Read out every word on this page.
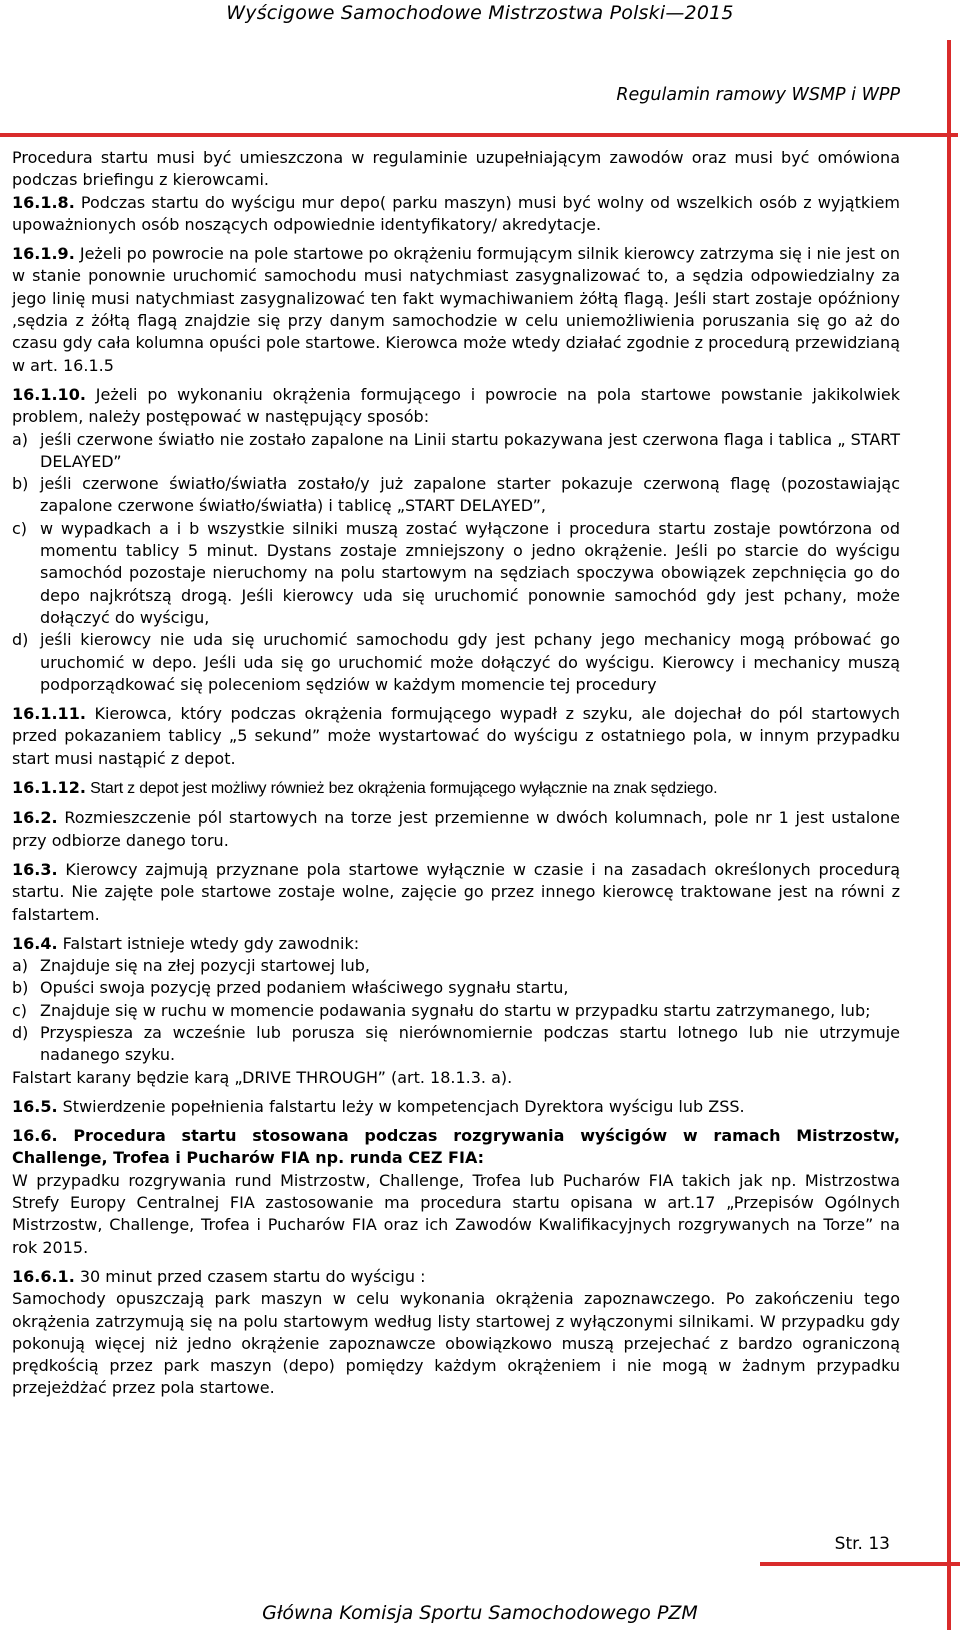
Wyścigowe Samochodowe Mistrzostwa Polski—2015
Regulamin ramowy WSMP i WPP

Procedura startu musi być umieszczona w regulaminie uzupełniającym zawodów oraz musi być omówiona podczas briefingu z kierowcami.

16.1.8. Podczas startu do wyścigu mur depo( parku maszyn) musi być wolny od wszelkich osób z wyjątkiem upoważnionych osób noszących odpowiednie identyfikatory/ akredytacje.

16.1.9. Jeżeli po powrocie na pole startowe po okrążeniu formującym silnik kierowcy zatrzyma się i nie jest on w stanie ponownie uruchomić samochodu musi natychmiast zasygnalizować to, a sędzia odpowiedzialny za jego linię musi natychmiast zasygnalizować ten fakt wymachiwaniem żółtą flagą. Jeśli start zostaje opóźniony ,sędzia z żółtą flagą znajdzie się przy danym samochodzie w celu uniemożliwienia poruszania się go aż do czasu gdy cała kolumna opuści pole startowe. Kierowca może wtedy działać zgodnie z procedurą przewidzianą w art. 16.1.5

16.1.10. Jeżeli po wykonaniu okrążenia formującego i powrocie na pola startowe powstanie jakikolwiek problem, należy postępować w następujący sposób:

a) jeśli czerwone światło nie zostało zapalone na Linii startu pokazywana jest czerwona flaga i tablica „ START DELAYED”
b) jeśli czerwone światło/światła zostało/y już zapalone starter pokazuje czerwoną flagę (pozostawiając zapalone czerwone światło/światła) i tablicę „START DELAYED”,
c) w wypadkach a i b wszystkie silniki muszą zostać wyłączone i procedura startu zostaje powtórzona od momentu tablicy 5 minut. Dystans zostaje zmniejszony o jedno okrążenie. Jeśli po starcie do wyścigu samochód pozostaje nieruchomy na polu startowym na sędziach spoczywa obowiązek zepchnięcia go do depo najkrótszą drogą. Jeśli kierowcy uda się uruchomić ponownie samochód gdy jest pchany, może dołączyć do wyścigu,
d) jeśli kierowcy nie uda się uruchomić samochodu gdy jest pchany jego mechanicy mogą próbować go uruchomić w depo. Jeśli uda się go uruchomić może dołączyć do wyścigu. Kierowcy i mechanicy muszą podporządkować się poleceniom sędziów w każdym momencie tej procedury

16.1.11. Kierowca, który podczas okrążenia formującego wypadł z szyku, ale dojechał do pól startowych przed pokazaniem tablicy „5 sekund” może wystartować do wyścigu z ostatniego pola, w innym przypadku start musi nastąpić z depot.

16.1.12. Start z depot jest możliwy również bez okrążenia formującego wyłącznie na znak sędziego.

16.2. Rozmieszczenie pól startowych na torze jest przemienne w dwóch kolumnach, pole nr 1 jest ustalone przy odbiorze danego toru.

16.3. Kierowcy zajmują przyznane pola startowe wyłącznie w czasie i na zasadach określonych procedurą startu. Nie zajęte pole startowe zostaje wolne, zajęcie go przez innego kierowcę traktowane jest na równi z falstartem.

16.4. Falstart istnieje wtedy gdy zawodnik:

a) Znajduje się na złej pozycji startowej lub,
b) Opuści swoja pozycję przed podaniem właściwego sygnału startu,
c) Znajduje się w ruchu w momencie podawania sygnału do startu w przypadku startu zatrzymanego, lub;
d) Przyspiesza za wcześnie lub porusza się nierównomiernie podczas startu lotnego lub nie utrzymuje nadanego szyku.

Falstart karany będzie karą „DRIVE THROUGH” (art. 18.1.3. a).

16.5. Stwierdzenie popełnienia falstartu leży w kompetencjach Dyrektora wyścigu lub ZSS.

16.6. Procedura startu stosowana podczas rozgrywania wyścigów w ramach Mistrzostw, Challenge, Trofea i Pucharów FIA np. runda CEZ FIA:

W przypadku rozgrywania rund Mistrzostw, Challenge, Trofea lub Pucharów FIA takich jak np. Mistrzostwa Strefy Europy Centralnej FIA zastosowanie ma procedura startu opisana w art.17 „Przepisów Ogólnych Mistrzostw, Challenge, Trofea i Pucharów FIA oraz ich Zawodów Kwalifikacyjnych rozgrywanych na Torze” na rok 2015.

16.6.1. 30 minut przed czasem startu do wyścigu :

Samochody opuszczają park maszyn w celu wykonania okrążenia zapoznawczego. Po zakończeniu tego okrążenia zatrzymują się na polu startowym według listy startowej z wyłączonymi silnikami. W przypadku gdy pokonują więcej niż jedno okrążenie zapoznawcze obowiązkowo muszą przejechać z bardzo ograniczoną prędkością przez park maszyn (depo) pomiędzy każdym okrążeniem i nie mogą w żadnym przypadku przejeżdżać przez pola startowe.

Str. 13
Główna Komisja Sportu Samochodowego PZM
